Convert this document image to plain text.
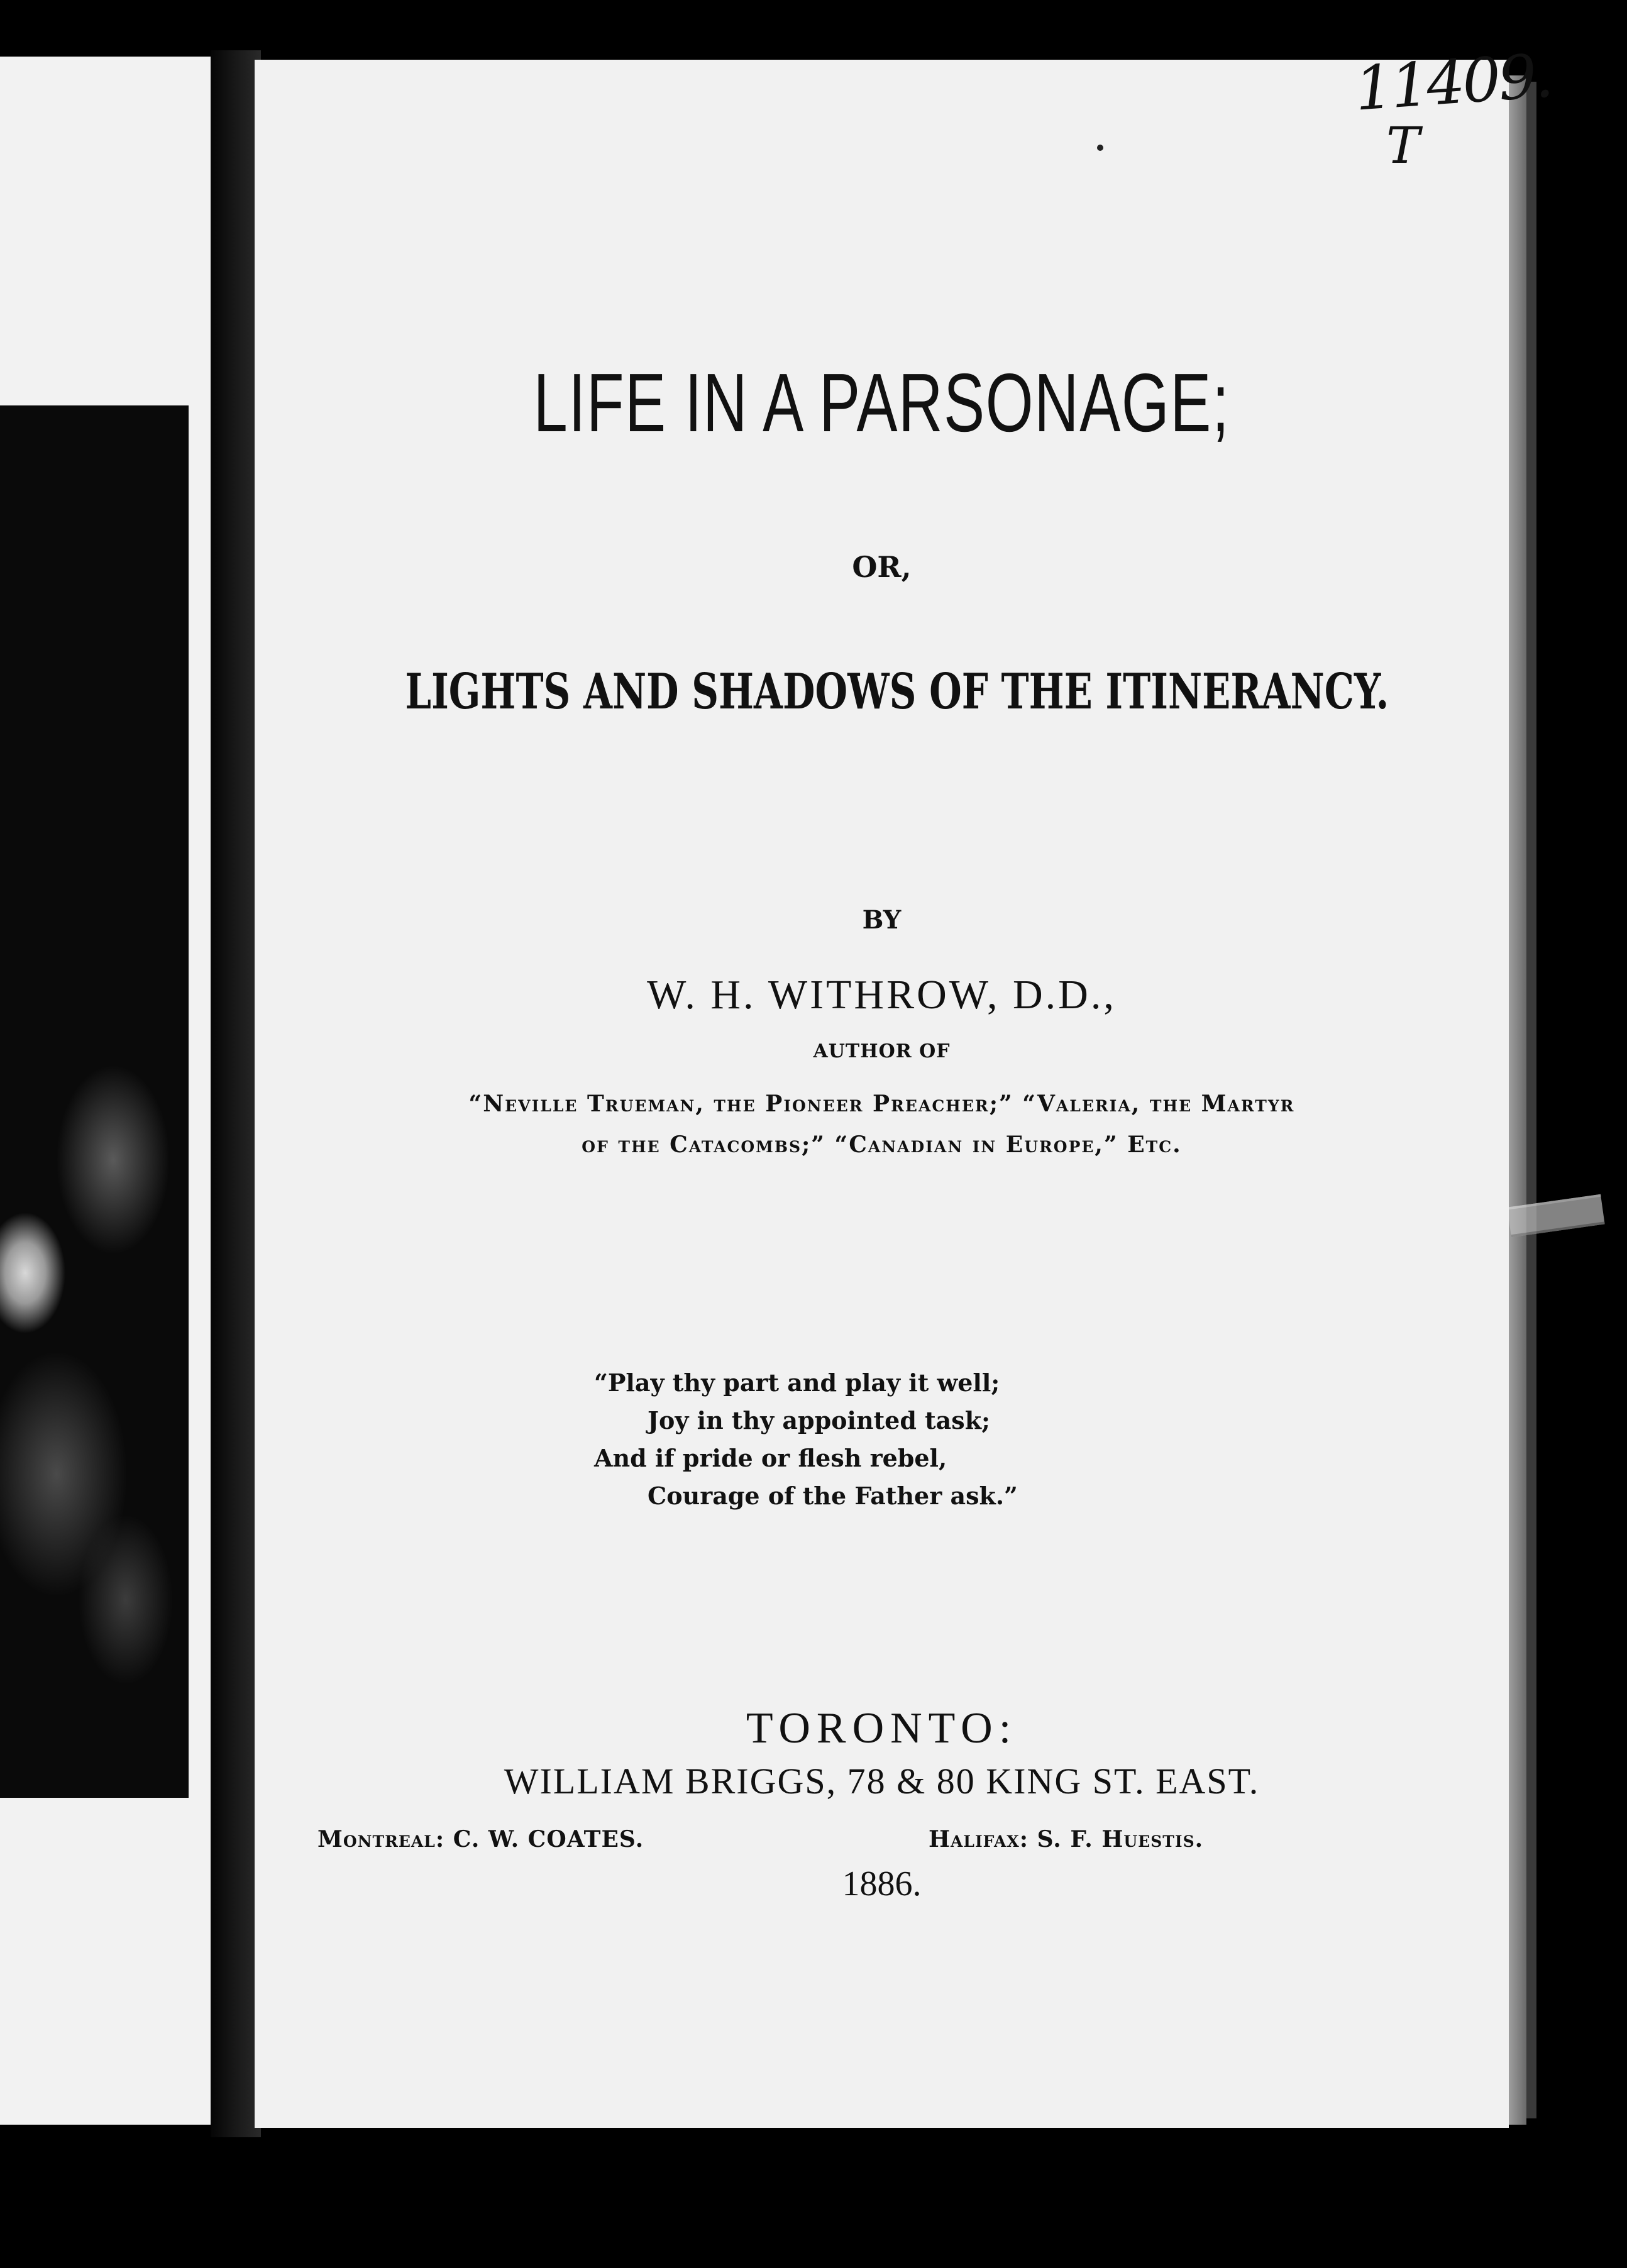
11409.
T
LIFE IN A PARSONAGE;
OR,
LIGHTS AND SHADOWS OF THE ITINERANCY.
BY
W. H. WITHROW, D.D.,
AUTHOR OF
“Neville Trueman, the Pioneer Preacher;” “Valeria, the Martyr
of the Catacombs;” “Canadian in Europe,” Etc.
“Play thy part and play it well;
Joy in thy appointed task;
And if pride or flesh rebel,
Courage of the Father ask.”
TORONTO:
WILLIAM BRIGGS, 78 & 80 KING ST. EAST.
Montreal: C. W. COATES.	Halifax: S. F. Huestis.
1886.
